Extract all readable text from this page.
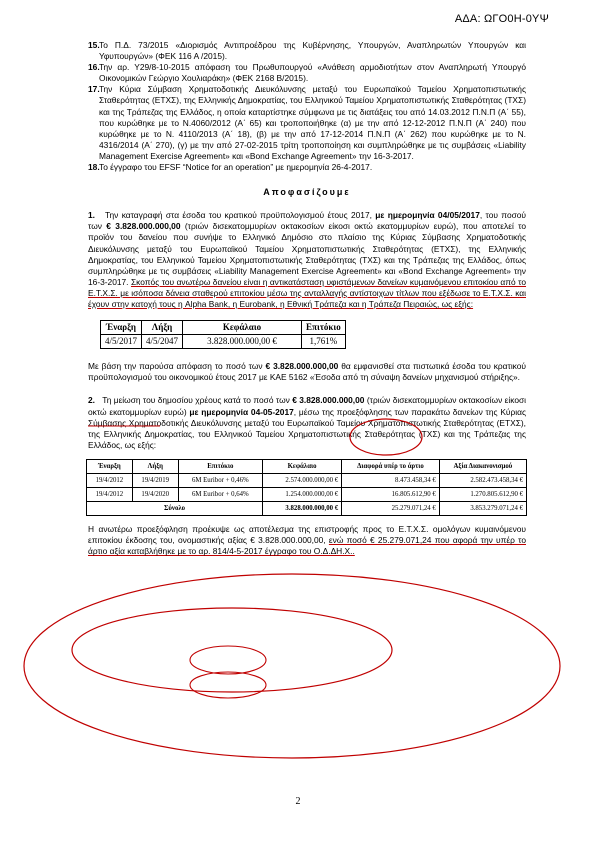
ΑΔΑ: ΩΓΟ0Η-0ΥΨ

15. Το Π.Δ. 73/2015 «Διορισμός Αντιπροέδρου της Κυβέρνησης, Υπουργών, Αναπληρωτών Υπουργών και Υφυπουργών» (ΦΕΚ 116 Α /2015).

16. Την αρ. Υ29/8-10-2015 απόφαση του Πρωθυπουργού «Ανάθεση αρμοδιοτήτων στον Αναπληρωτή Υπουργό Οικονομικών Γεώργιο Χουλιαράκη» (ΦΕΚ 2168 Β/2015).

17. Την Κύρια Σύμβαση Χρηματοδοτικής Διευκόλυνσης μεταξύ του Ευρωπαϊκού Ταμείου Χρηματοπιστωτικής Σταθερότητας (ΕΤΧΣ), της Ελληνικής Δημοκρατίας, του Ελληνικού Ταμείου Χρηματοπιστωτικής Σταθερότητας (ΤΧΣ) και της Τράπεζας της Ελλάδος, η οποία καταρτίστηκε σύμφωνα με τις διατάξεις του από 14.03.2012 Π.Ν.Π (Α΄ 55), που κυρώθηκε με το Ν.4060/2012 (Α΄ 65) και τροποποιήθηκε (α) με την από 12-12-2012 Π.Ν.Π (Α΄ 240) που κυρώθηκε με το Ν. 4110/2013 (Α΄ 18), (β) με την από 17-12-2014 Π.Ν.Π (Α΄ 262) που κυρώθηκε με το Ν. 4316/2014 (Α΄ 270), (γ) με την από 27-02-2015 τρίτη τροποποίηση και συμπληρώθηκε με τις συμβάσεις «Liability Management Exercise Agreement» και «Bond Exchange Agreement» την 16-3-2017.

18. Το έγγραφο του EFSF “Notice for an operation” με ημερομηνία 26-4-2017.

Αποφασίζουμε

1. Την καταγραφή στα έσοδα του κρατικού προϋπολογισμού έτους 2017, με ημερομηνία 04/05/2017, του ποσού των € 3.828.000.000,00 (τριών δισεκατομμυρίων οκτακοσίων είκοσι οκτώ εκατομμυρίων ευρώ), που αποτελεί το προϊόν του δανείου που συνήψε το Ελληνικό Δημόσιο στο πλαίσιο της Κύριας Σύμβασης Χρηματοδοτικής Διευκόλυνσης μεταξύ του Ευρωπαϊκού Ταμείου Χρηματοπιστωτικής Σταθερότητας (ΕΤΧΣ), της Ελληνικής Δημοκρατίας, του Ελληνικού Ταμείου Χρηματοπιστωτικής Σταθερότητας (ΤΧΣ) και της Τράπεζας της Ελλάδος, όπως συμπληρώθηκε με τις συμβάσεις «Liability Management Exercise Agreement» και «Bond Exchange Agreement» την 16-3-2017. Σκοπός του ανωτέρω δανείου είναι η αντικατάσταση υφιστάμενων δανείων κυμαινόμενου επιτοκίου από το Ε.Τ.Χ.Σ. με ισόποσα δάνεια σταθερού επιτοκίου μέσω της ανταλλαγής αντίστοιχων τίτλων που εξέδωσε το Ε.Τ.Χ.Σ. και έχουν στην κατοχή τους η Alpha Bank, η Eurobank, η Εθνική Τράπεζα και η Τράπεζα Πειραιώς, ως εξής:

Έναρξη	Λήξη	Κεφάλαιο	Επιτόκιο
4/5/2017	4/5/2047	3.828.000.000,00 €	1,761%

Με βάση την παρούσα απόφαση το ποσό των € 3.828.000.000,00 θα εμφανισθεί στα πιστωτικά έσοδα του κρατικού προϋπολογισμού του οικονομικού έτους 2017 με ΚΑΕ 5162 «Έσοδα από τη σύναψη δανείων μηχανισμού στήριξης».

2. Τη μείωση του δημοσίου χρέους κατά το ποσό των € 3.828.000.000,00 (τριών δισεκατομμυρίων οκτακοσίων είκοσι οκτώ εκατομμυρίων ευρώ) με ημερομηνία 04-05-2017, μέσω της προεξόφλησης των παρακάτω δανείων της Κύριας Σύμβασης Χρηματοδοτικής Διευκόλυνσης μεταξύ του Ευρωπαϊκού Ταμείου Χρηματοπιστωτικής Σταθερότητας (ΕΤΧΣ), της Ελληνικής Δημοκρατίας, του Ελληνικού Ταμείου Χρηματοπιστωτικής Σταθερότητας (ΤΧΣ) και της Τράπεζας της Ελλάδος, ως εξής:

Έναρξη	Λήξη	Επιτόκιο	Κεφάλαιο	Διαφορά υπέρ το άρτιο	Αξία Διακανονισμού
19/4/2012	19/4/2019	6M Euribor + 0,46%	2.574.000.000,00 €	8.473.458,34 €	2.582.473.458,34 €
19/4/2012	19/4/2020	6M Euribor + 0,64%	1.254.000.000,00 €	16.805.612,90 €	1.270.805.612,90 €
Σύνολο			3.828.000.000,00 €	25.279.071,24 €	3.853.279.071,24 €

Η ανωτέρω προεξόφληση προέκυψε ως αποτέλεσμα της επιστροφής προς το Ε.Τ.Χ.Σ. ομολόγων κυμαινόμενου επιτοκίου έκδοσης του, ονομαστικής αξίας € 3.828.000.000,00, ενώ ποσό € 25.279.071,24 που αφορά την υπέρ το άρτιο αξία καταβλήθηκε με το αρ. 814/4-5-2017 έγγραφο του Ο.Δ.ΔΗ.Χ..

2
